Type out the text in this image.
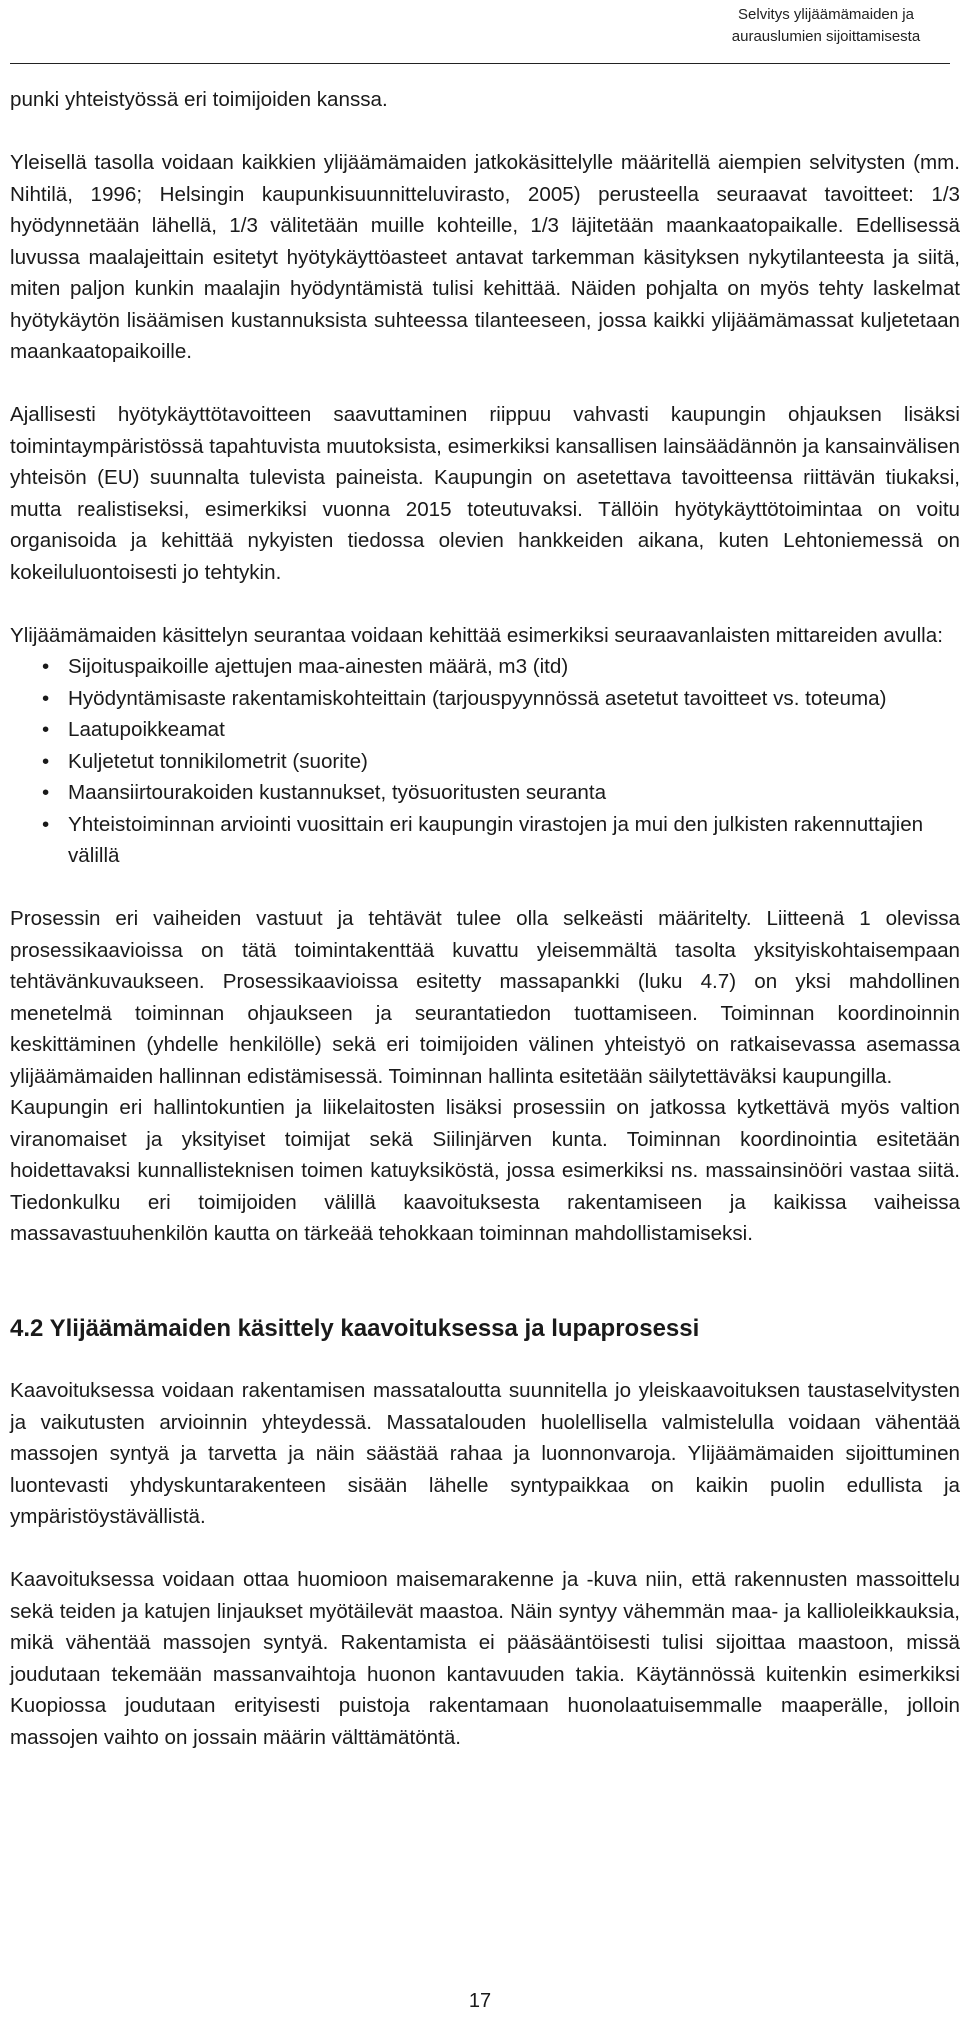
Selvitys ylijäämämaiden ja aurauslumien sijoittamisesta

punki yhteistyössä eri toimijoiden kanssa.

Yleisellä tasolla voidaan kaikkien ylijäämämaiden jatkokäsittelylle määritellä aiempien selvitysten (mm. Nihtilä, 1996; Helsingin kaupunkisuunnitteluvirasto, 2005) perusteella seuraavat tavoitteet: 1/3 hyödynnetään lähellä, 1/3 välitetään muille kohteille, 1/3 läjitetään maankaatopaikalle. Edellisessä luvussa maalajeittain esitetyt hyötykäyttöasteet antavat tarkemman käsityksen nykytilanteesta ja siitä, miten paljon kunkin maalajin hyödyntämistä tulisi kehittää. Näiden pohjalta on myös tehty laskelmat hyötykäytön lisäämisen kustannuksista suhteessa tilanteeseen, jossa kaikki ylijäämämassat kuljetetaan maankaatopaikoille.

Ajallisesti hyötykäyttötavoitteen saavuttaminen riippuu vahvasti kaupungin ohjauksen lisäksi toimintaympäristössä tapahtuvista muutoksista, esimerkiksi kansallisen lainsäädännön ja kansainvälisen yhteisön (EU) suunnalta tulevista paineista. Kaupungin on asetettava tavoitteensa riittävän tiukaksi, mutta realistiseksi, esimerkiksi vuonna 2015 toteutuvaksi. Tällöin hyötykäyttötoimintaa on voitu organisoida ja kehittää nykyisten tiedossa olevien hankkeiden aikana, kuten Lehtoniemessä on kokeiluluontoisesti jo tehtykin.

Ylijäämämaiden käsittelyn seurantaa voidaan kehittää esimerkiksi seuraavanlaisten mittareiden avulla:

• Sijoituspaikoille ajettujen maa-ainesten määrä, m3 (itd)
• Hyödyntämisaste rakentamiskohteittain (tarjouspyynnössä asetetut tavoitteet vs. toteuma)
• Laatupoikkeamat
• Kuljetetut tonnikilometrit (suorite)
• Maansiirtourakoiden kustannukset, työsuoritusten seuranta
• Yhteistoiminnan arviointi vuosittain eri kaupungin virastojen ja mui den julkisten rakennuttajien välillä

Prosessin eri vaiheiden vastuut ja tehtävät tulee olla selkeästi määritelty. Liitteenä 1 olevissa prosessikaavioissa on tätä toimintakenttää kuvattu yleisemmältä tasolta yksityiskohtaisempaan tehtävänkuvaukseen. Prosessikaavioissa esitetty massapankki (luku 4.7) on yksi mahdollinen menetelmä toiminnan ohjaukseen ja seurantatiedon tuottamiseen. Toiminnan koordinoinnin keskittäminen (yhdelle henkilölle) sekä eri toimijoiden välinen yhteistyö on ratkaisevassa asemassa ylijäämämaiden hallinnan edistämisessä. Toiminnan hallinta esitetään säilytettäväksi kaupungilla.

Kaupungin eri hallintokuntien ja liikelaitosten lisäksi prosessiin on jatkossa kytkettävä myös valtion viranomaiset ja yksityiset toimijat sekä Siilinjärven kunta. Toiminnan koordinointia esitetään hoidettavaksi kunnallisteknisen toimen katuyksiköstä, jossa esimerkiksi ns. massainsinööri vastaa siitä. Tiedonkulku eri toimijoiden välillä kaavoituksesta rakentamiseen ja kaikissa vaiheissa massavastuuhenkilön kautta on tärkeää tehokkaan toiminnan mahdollistamiseksi.

4.2 Ylijäämämaiden käsittely kaavoituksessa ja lupaprosessi

Kaavoituksessa voidaan rakentamisen massataloutta suunnitella jo yleiskaavoituksen taustaselvitysten ja vaikutusten arvioinnin yhteydessä. Massatalouden huolellisella valmistelulla voidaan vähentää massojen syntyä ja tarvetta ja näin säästää rahaa ja luonnonvaroja. Ylijäämämaiden sijoittuminen luontevasti yhdyskuntarakenteen sisään lähelle syntypaikkaa on kaikin puolin edullista ja ympäristöystävällistä.

Kaavoituksessa voidaan ottaa huomioon maisemarakenne ja -kuva niin, että rakennusten massoittelu sekä teiden ja katujen linjaukset myötäilevät maastoa. Näin syntyy vähemmän maa- ja kallioleikkauksia, mikä vähentää massojen syntyä. Rakentamista ei pääsääntöisesti tulisi sijoittaa maastoon, missä joudutaan tekemään massanvaihtoja huonon kantavuuden takia. Käytännössä kuitenkin esimerkiksi Kuopiossa joudutaan erityisesti puistoja rakentamaan huonolaatuisemmalle maaperälle, jolloin massojen vaihto on jossain määrin välttämätöntä.

17
